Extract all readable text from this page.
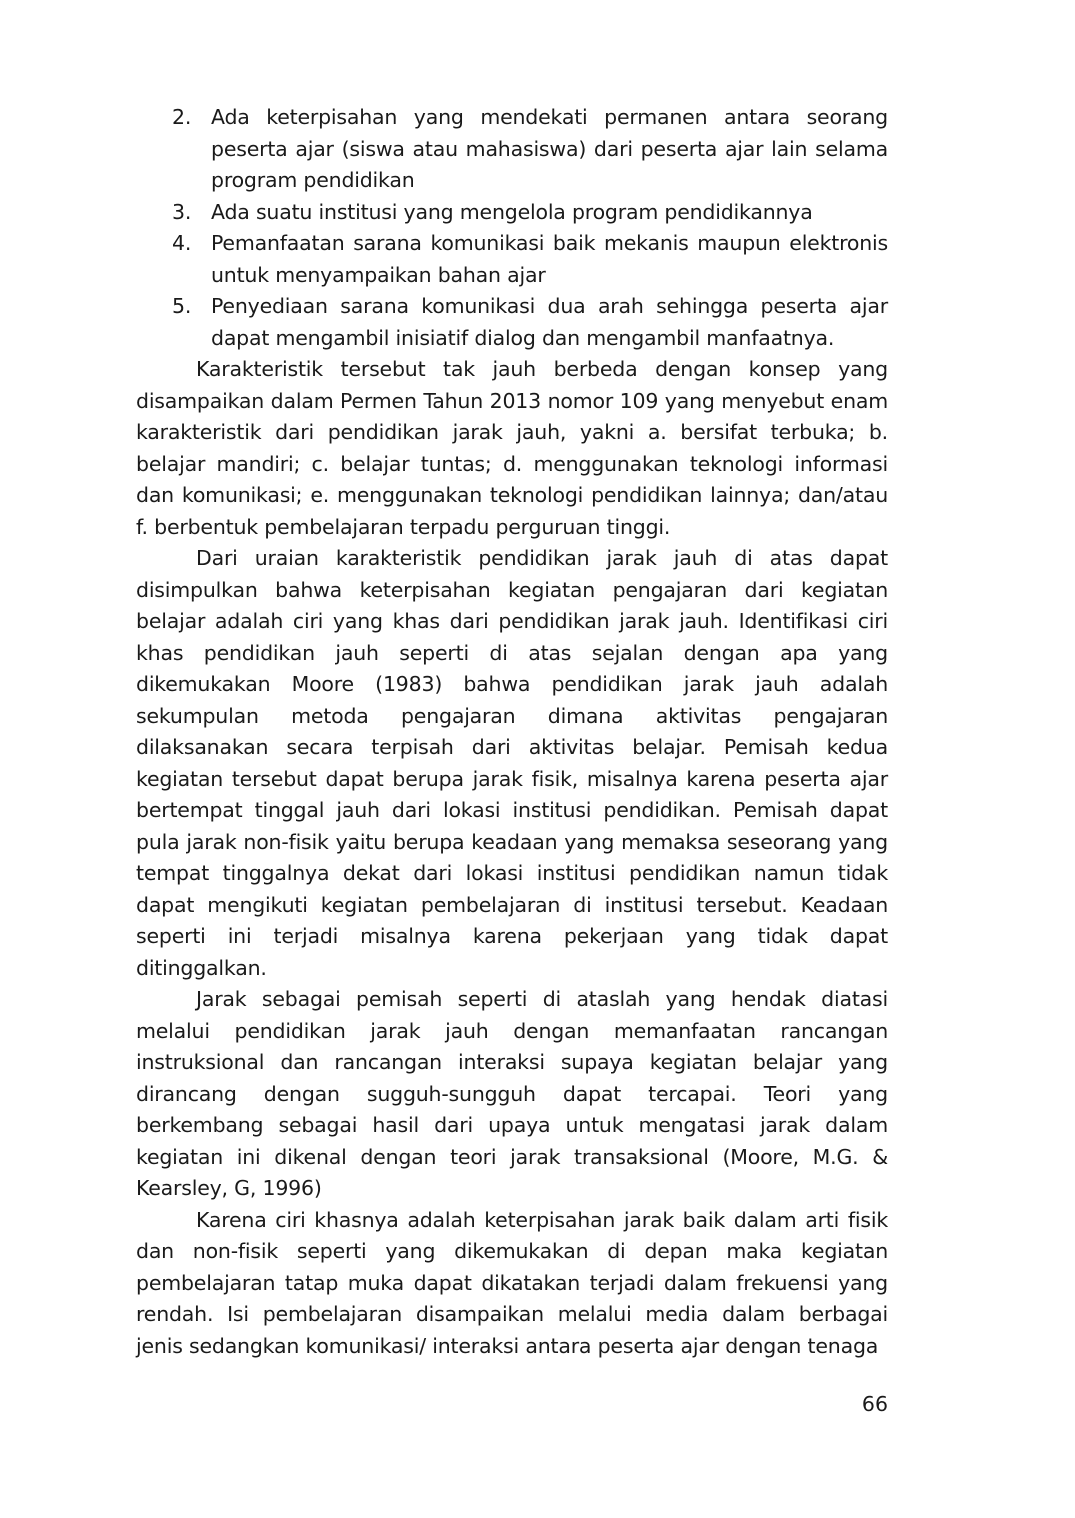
2. Ada keterpisahan yang mendekati permanen antara seorang peserta ajar (siswa atau mahasiswa) dari peserta ajar lain selama program pendidikan
3. Ada suatu institusi yang mengelola program pendidikannya
4. Pemanfaatan sarana komunikasi baik mekanis maupun elektronis untuk menyampaikan bahan ajar
5. Penyediaan sarana komunikasi dua arah sehingga peserta ajar dapat mengambil inisiatif dialog dan mengambil manfaatnya.

Karakteristik tersebut tak jauh berbeda dengan konsep yang disampaikan dalam Permen Tahun 2013 nomor 109 yang menyebut enam karakteristik dari pendidikan jarak jauh, yakni a. bersifat terbuka; b. belajar mandiri; c. belajar tuntas; d. menggunakan teknologi informasi dan komunikasi; e. menggunakan teknologi pendidikan lainnya; dan/atau f. berbentuk pembelajaran terpadu perguruan tinggi.

Dari uraian karakteristik pendidikan jarak jauh di atas dapat disimpulkan bahwa keterpisahan kegiatan pengajaran dari kegiatan belajar adalah ciri yang khas dari pendidikan jarak jauh. Identifikasi ciri khas pendidikan jauh seperti di atas sejalan dengan apa yang dikemukakan Moore (1983) bahwa pendidikan jarak jauh adalah sekumpulan metoda pengajaran dimana aktivitas pengajaran dilaksanakan secara terpisah dari aktivitas belajar. Pemisah kedua kegiatan tersebut dapat berupa jarak fisik, misalnya karena peserta ajar bertempat tinggal jauh dari lokasi institusi pendidikan. Pemisah dapat pula jarak non-fisik yaitu berupa keadaan yang memaksa seseorang yang tempat tinggalnya dekat dari lokasi institusi pendidikan namun tidak dapat mengikuti kegiatan pembelajaran di institusi tersebut. Keadaan seperti ini terjadi misalnya karena pekerjaan yang tidak dapat ditinggalkan.

Jarak sebagai pemisah seperti di ataslah yang hendak diatasi melalui pendidikan jarak jauh dengan memanfaatan rancangan instruksional dan rancangan interaksi supaya kegiatan belajar yang dirancang dengan sugguh-sungguh dapat tercapai. Teori yang berkembang sebagai hasil dari upaya untuk mengatasi jarak dalam kegiatan ini dikenal dengan teori jarak transaksional (Moore, M.G. & Kearsley, G, 1996)

Karena ciri khasnya adalah keterpisahan jarak baik dalam arti fisik dan non-fisik seperti yang dikemukakan di depan maka kegiatan pembelajaran tatap muka dapat dikatakan terjadi dalam frekuensi yang rendah. Isi pembelajaran disampaikan melalui media dalam berbagai jenis sedangkan komunikasi/ interaksi antara peserta ajar dengan tenaga

66
